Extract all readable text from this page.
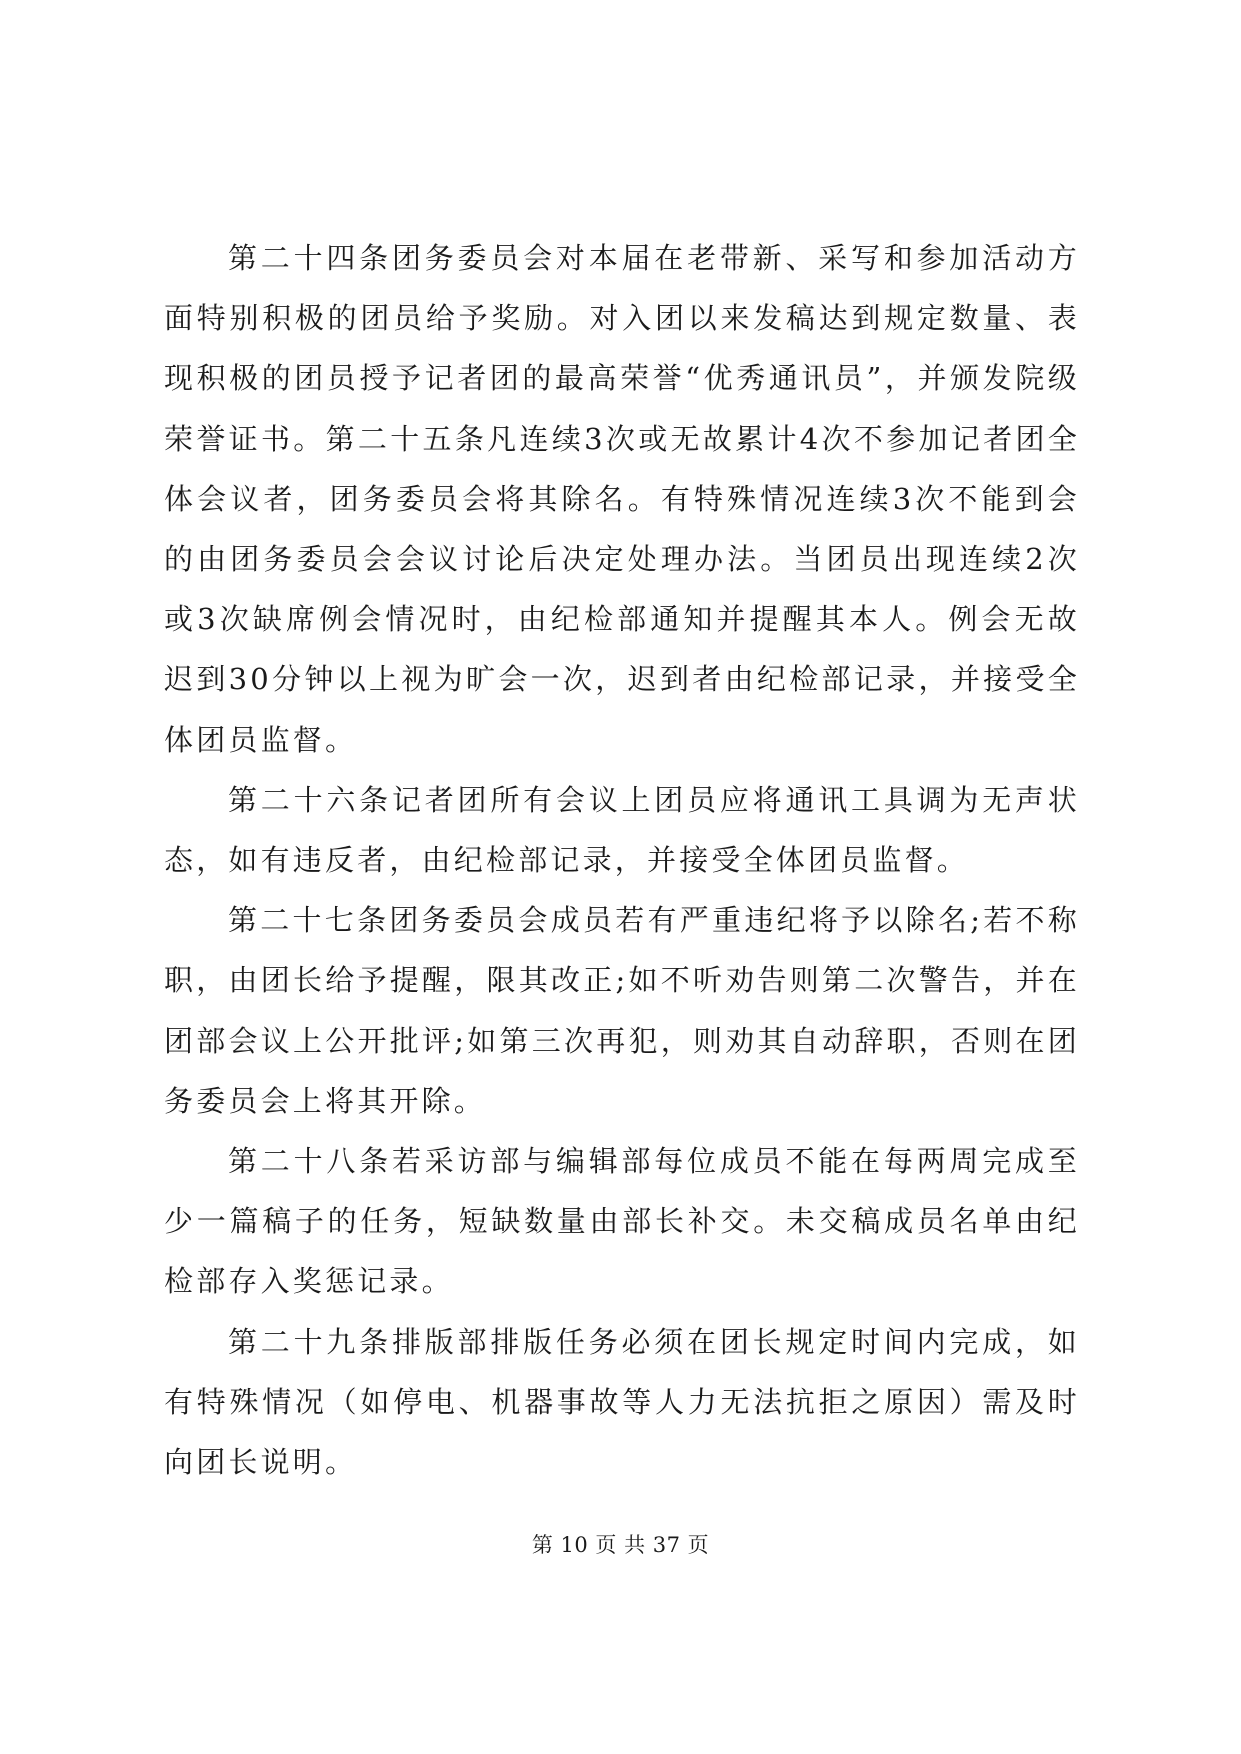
第二十四条团务委员会对本届在老带新、采写和参加活动方面特别积极的团员给予奖励。对入团以来发稿达到规定数量、表现积极的团员授予记者团的最高荣誉“优秀通讯员”，并颁发院级荣誉证书。第二十五条凡连续3次或无故累计4次不参加记者团全体会议者，团务委员会将其除名。有特殊情况连续3次不能到会的由团务委员会会议讨论后决定处理办法。当团员出现连续2次或3次缺席例会情况时，由纪检部通知并提醒其本人。例会无故迟到30分钟以上视为旷会一次，迟到者由纪检部记录，并接受全体团员监督。

第二十六条记者团所有会议上团员应将通讯工具调为无声状态，如有违反者，由纪检部记录，并接受全体团员监督。

第二十七条团务委员会成员若有严重违纪将予以除名;若不称职，由团长给予提醒，限其改正;如不听劝告则第二次警告，并在团部会议上公开批评;如第三次再犯，则劝其自动辞职，否则在团务委员会上将其开除。

第二十八条若采访部与编辑部每位成员不能在每两周完成至少一篇稿子的任务，短缺数量由部长补交。未交稿成员名单由纪检部存入奖惩记录。

第二十九条排版部排版任务必须在团长规定时间内完成，如有特殊情况（如停电、机器事故等人力无法抗拒之原因）需及时向团长说明。

第 10 页 共 37 页
